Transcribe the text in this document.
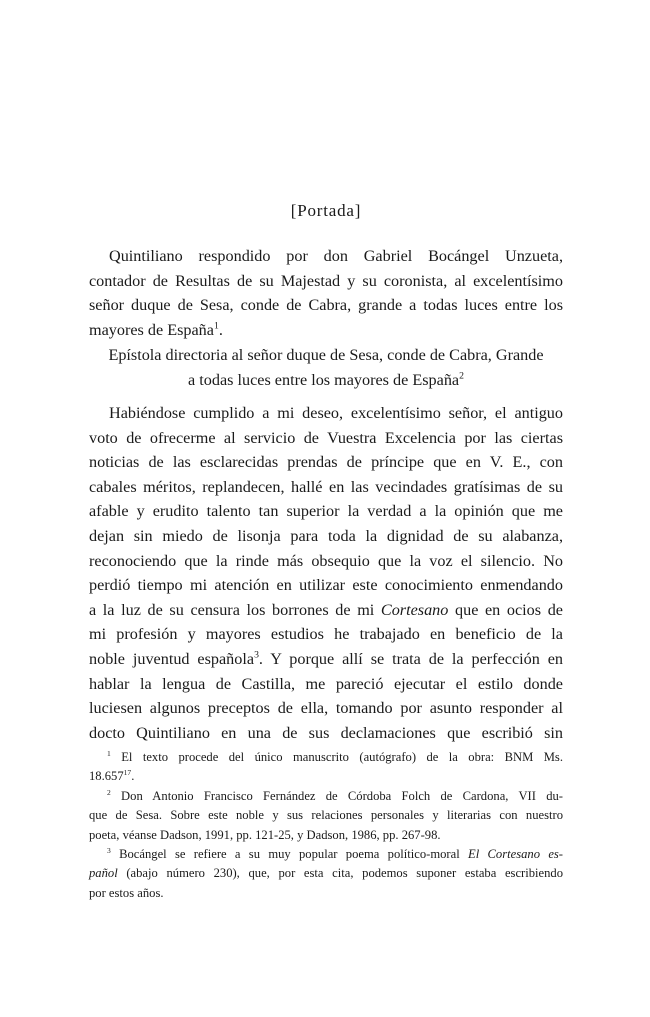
[Portada]

Quintiliano respondido por don Gabriel Bocángel Unzueta,
contador de Resultas de su Majestad y su coronista, al excelentísimo
señor duque de Sesa, conde de Cabra, grande a todas luces entre los
mayores de España$^1$.

Epístola directoria al señor duque de Sesa, conde de Cabra, Grande
a todas luces entre los mayores de España$^2$

Habiéndose cumplido a mi deseo, excelentísimo señor, el antiguo
voto de ofrecerme al servicio de Vuestra Excelencia por las ciertas
noticias de las esclarecidas prendas de príncipe que en V. E., con
cabales méritos, replandecen, hallé en las vecindades gratísimas de su
afable y erudito talento tan superior la verdad a la opinión que me
dejan sin miedo de lisonja para toda la dignidad de su alabanza,
reconociendo que la rinde más obsequio que la voz el silencio. No
perdió tiempo mi atención en utilizar este conocimiento enmendando
a la luz de su censura los borrones de mi Cortesano que en ocios de
mi profesión y mayores estudios he trabajado en beneficio de la
noble juventud española$^3$. Y porque allí se trata de la perfección en
hablar la lengua de Castilla, me pareció ejecutar el estilo donde
luciesen algunos preceptos de ella, tomando por asunto responder al
docto Quintiliano en una de sus declamaciones que escribió sin

$^1$ El texto procede del único manuscrito (autógrafo) de la obra: BNM Ms.
18.657$^{17}$.
$^2$ Don Antonio Francisco Fernández de Córdoba Folch de Cardona, VII du-
que de Sesa. Sobre este noble y sus relaciones personales y literarias con nuestro
poeta, véanse Dadson, 1991, pp. 121-25, y Dadson, 1986, pp. 267-98.
$^3$ Bocángel se refiere a su muy popular poema político-moral El Cortesano es-
pañol (abajo número 230), que, por esta cita, podemos suponer estaba escribiendo
por estos años.
